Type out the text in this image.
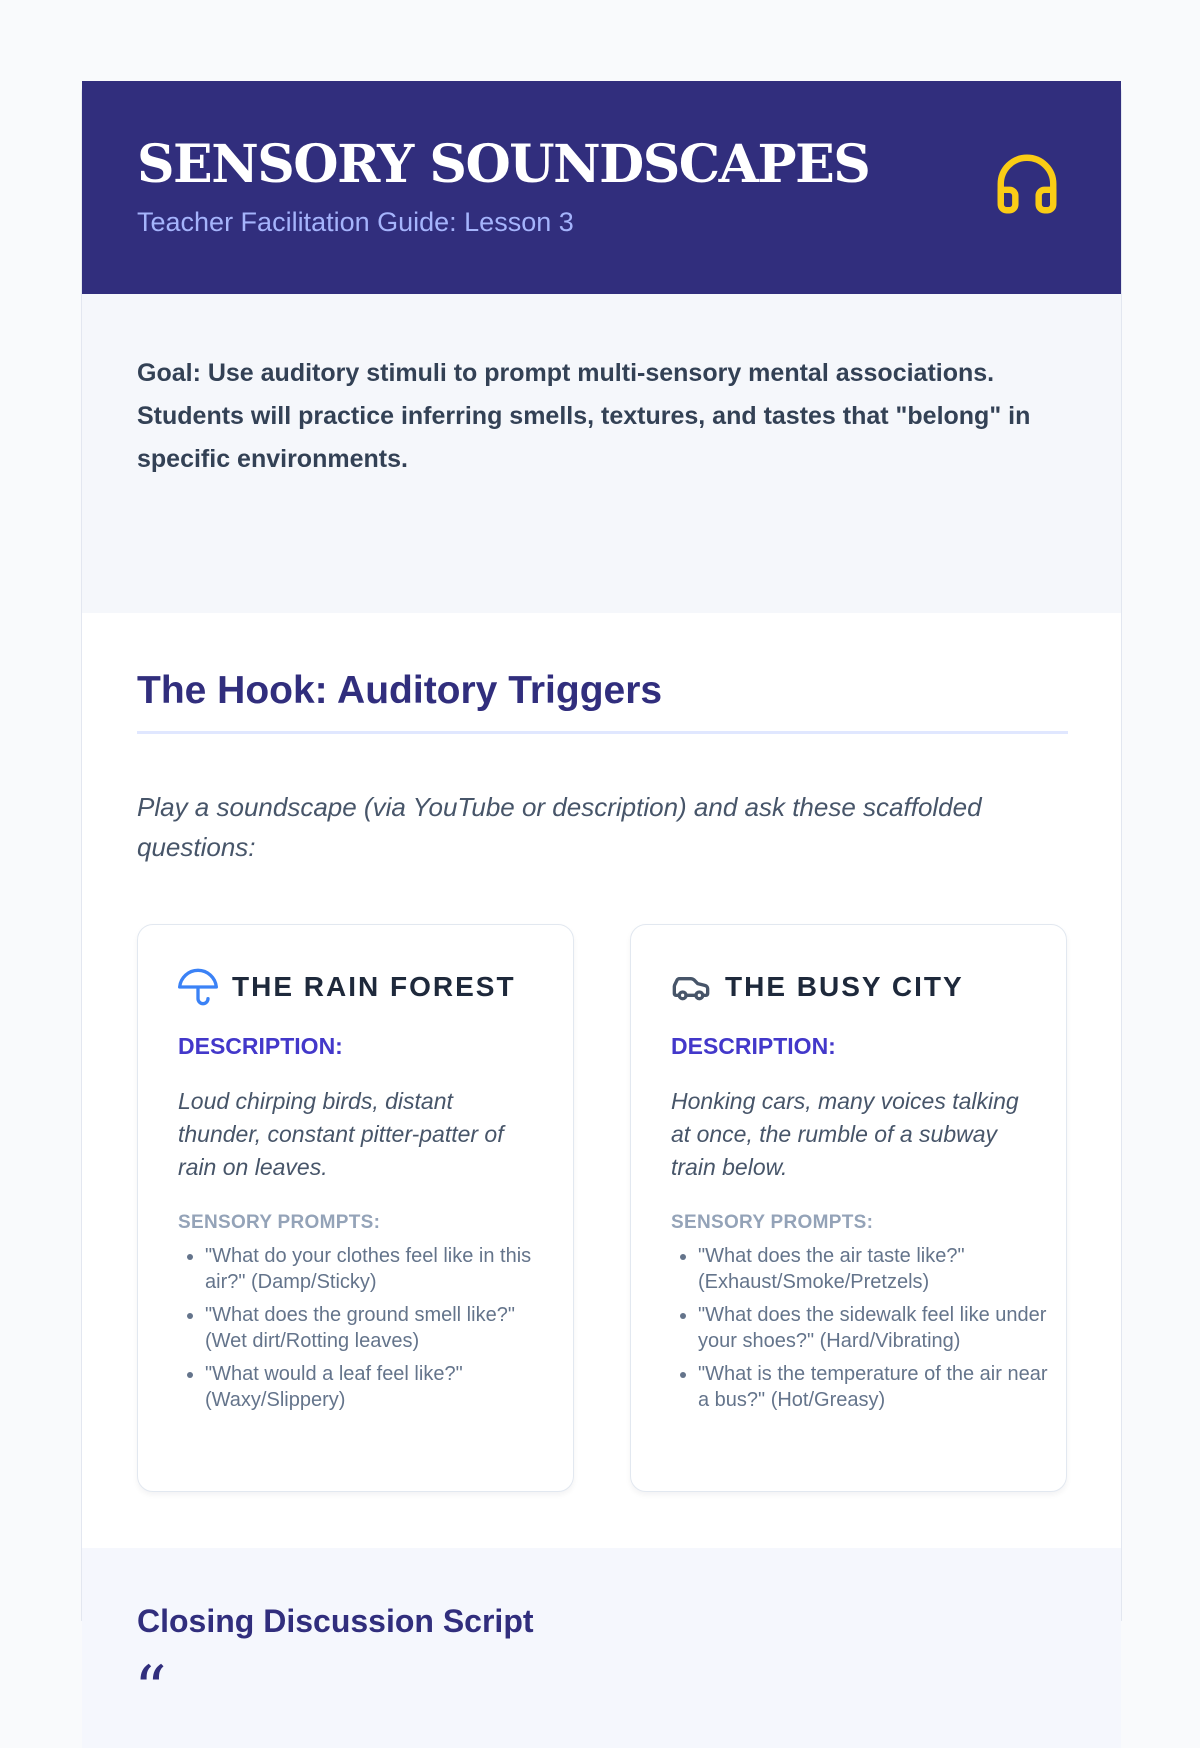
SENSORY SOUNDSCAPES
Teacher Facilitation Guide: Lesson 3
Goal: Use auditory stimuli to prompt multi-sensory mental associations. Students will practice inferring smells, textures, and tastes that "belong" in specific environments.
The Hook: Auditory Triggers
Play a soundscape (via YouTube or description) and ask these scaffolded questions:
THE RAIN FOREST
DESCRIPTION:
Loud chirping birds, distant thunder, constant pitter-patter of rain on leaves.
SENSORY PROMPTS:
• "What do your clothes feel like in this air?" (Damp/Sticky)
• "What does the ground smell like?" (Wet dirt/Rotting leaves)
• "What would a leaf feel like?" (Waxy/Slippery)
THE BUSY CITY
DESCRIPTION:
Honking cars, many voices talking at once, the rumble of a subway train below.
SENSORY PROMPTS:
• "What does the air taste like?" (Exhaust/Smoke/Pretzels)
• "What does the sidewalk feel like under your shoes?" (Hard/Vibrating)
• "What is the temperature of the air near a bus?" (Hot/Greasy)
Closing Discussion Script
“
